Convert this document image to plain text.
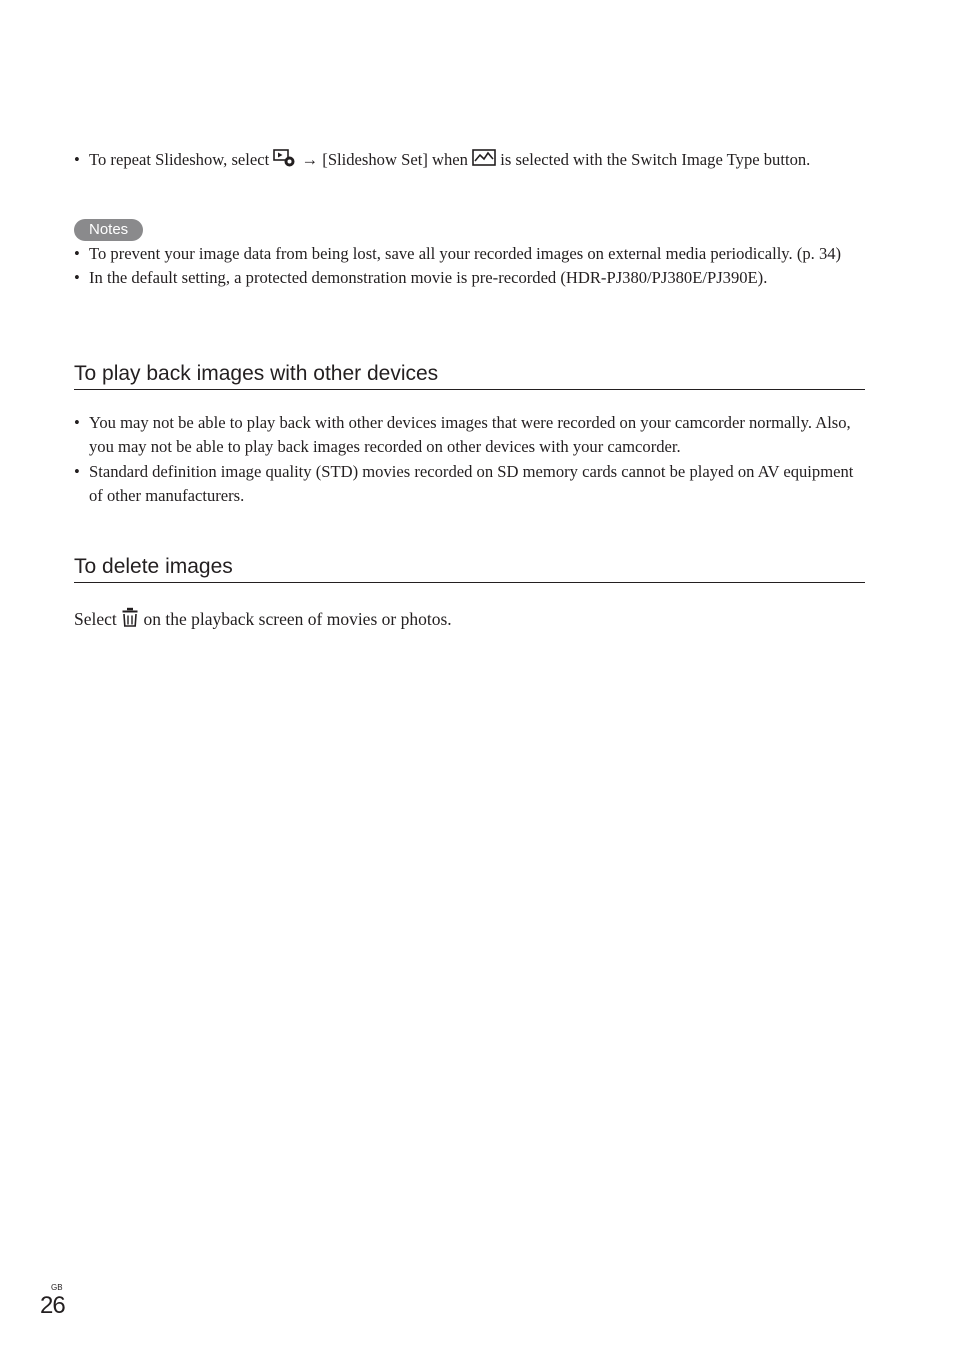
• To repeat Slideshow, select  → [Slideshow Set] when  is selected with the Switch Image Type button.
Notes
• To prevent your image data from being lost, save all your recorded images on external media periodically. (p. 34)
• In the default setting, a protected demonstration movie is pre-recorded (HDR-PJ380/PJ380E/PJ390E).
To play back images with other devices
• You may not be able to play back with other devices images that were recorded on your camcorder normally. Also, you may not be able to play back images recorded on other devices with your camcorder.
• Standard definition image quality (STD) movies recorded on SD memory cards cannot be played on AV equipment of other manufacturers.
To delete images

Select  on the playback screen of movies or photos.

GB
26
